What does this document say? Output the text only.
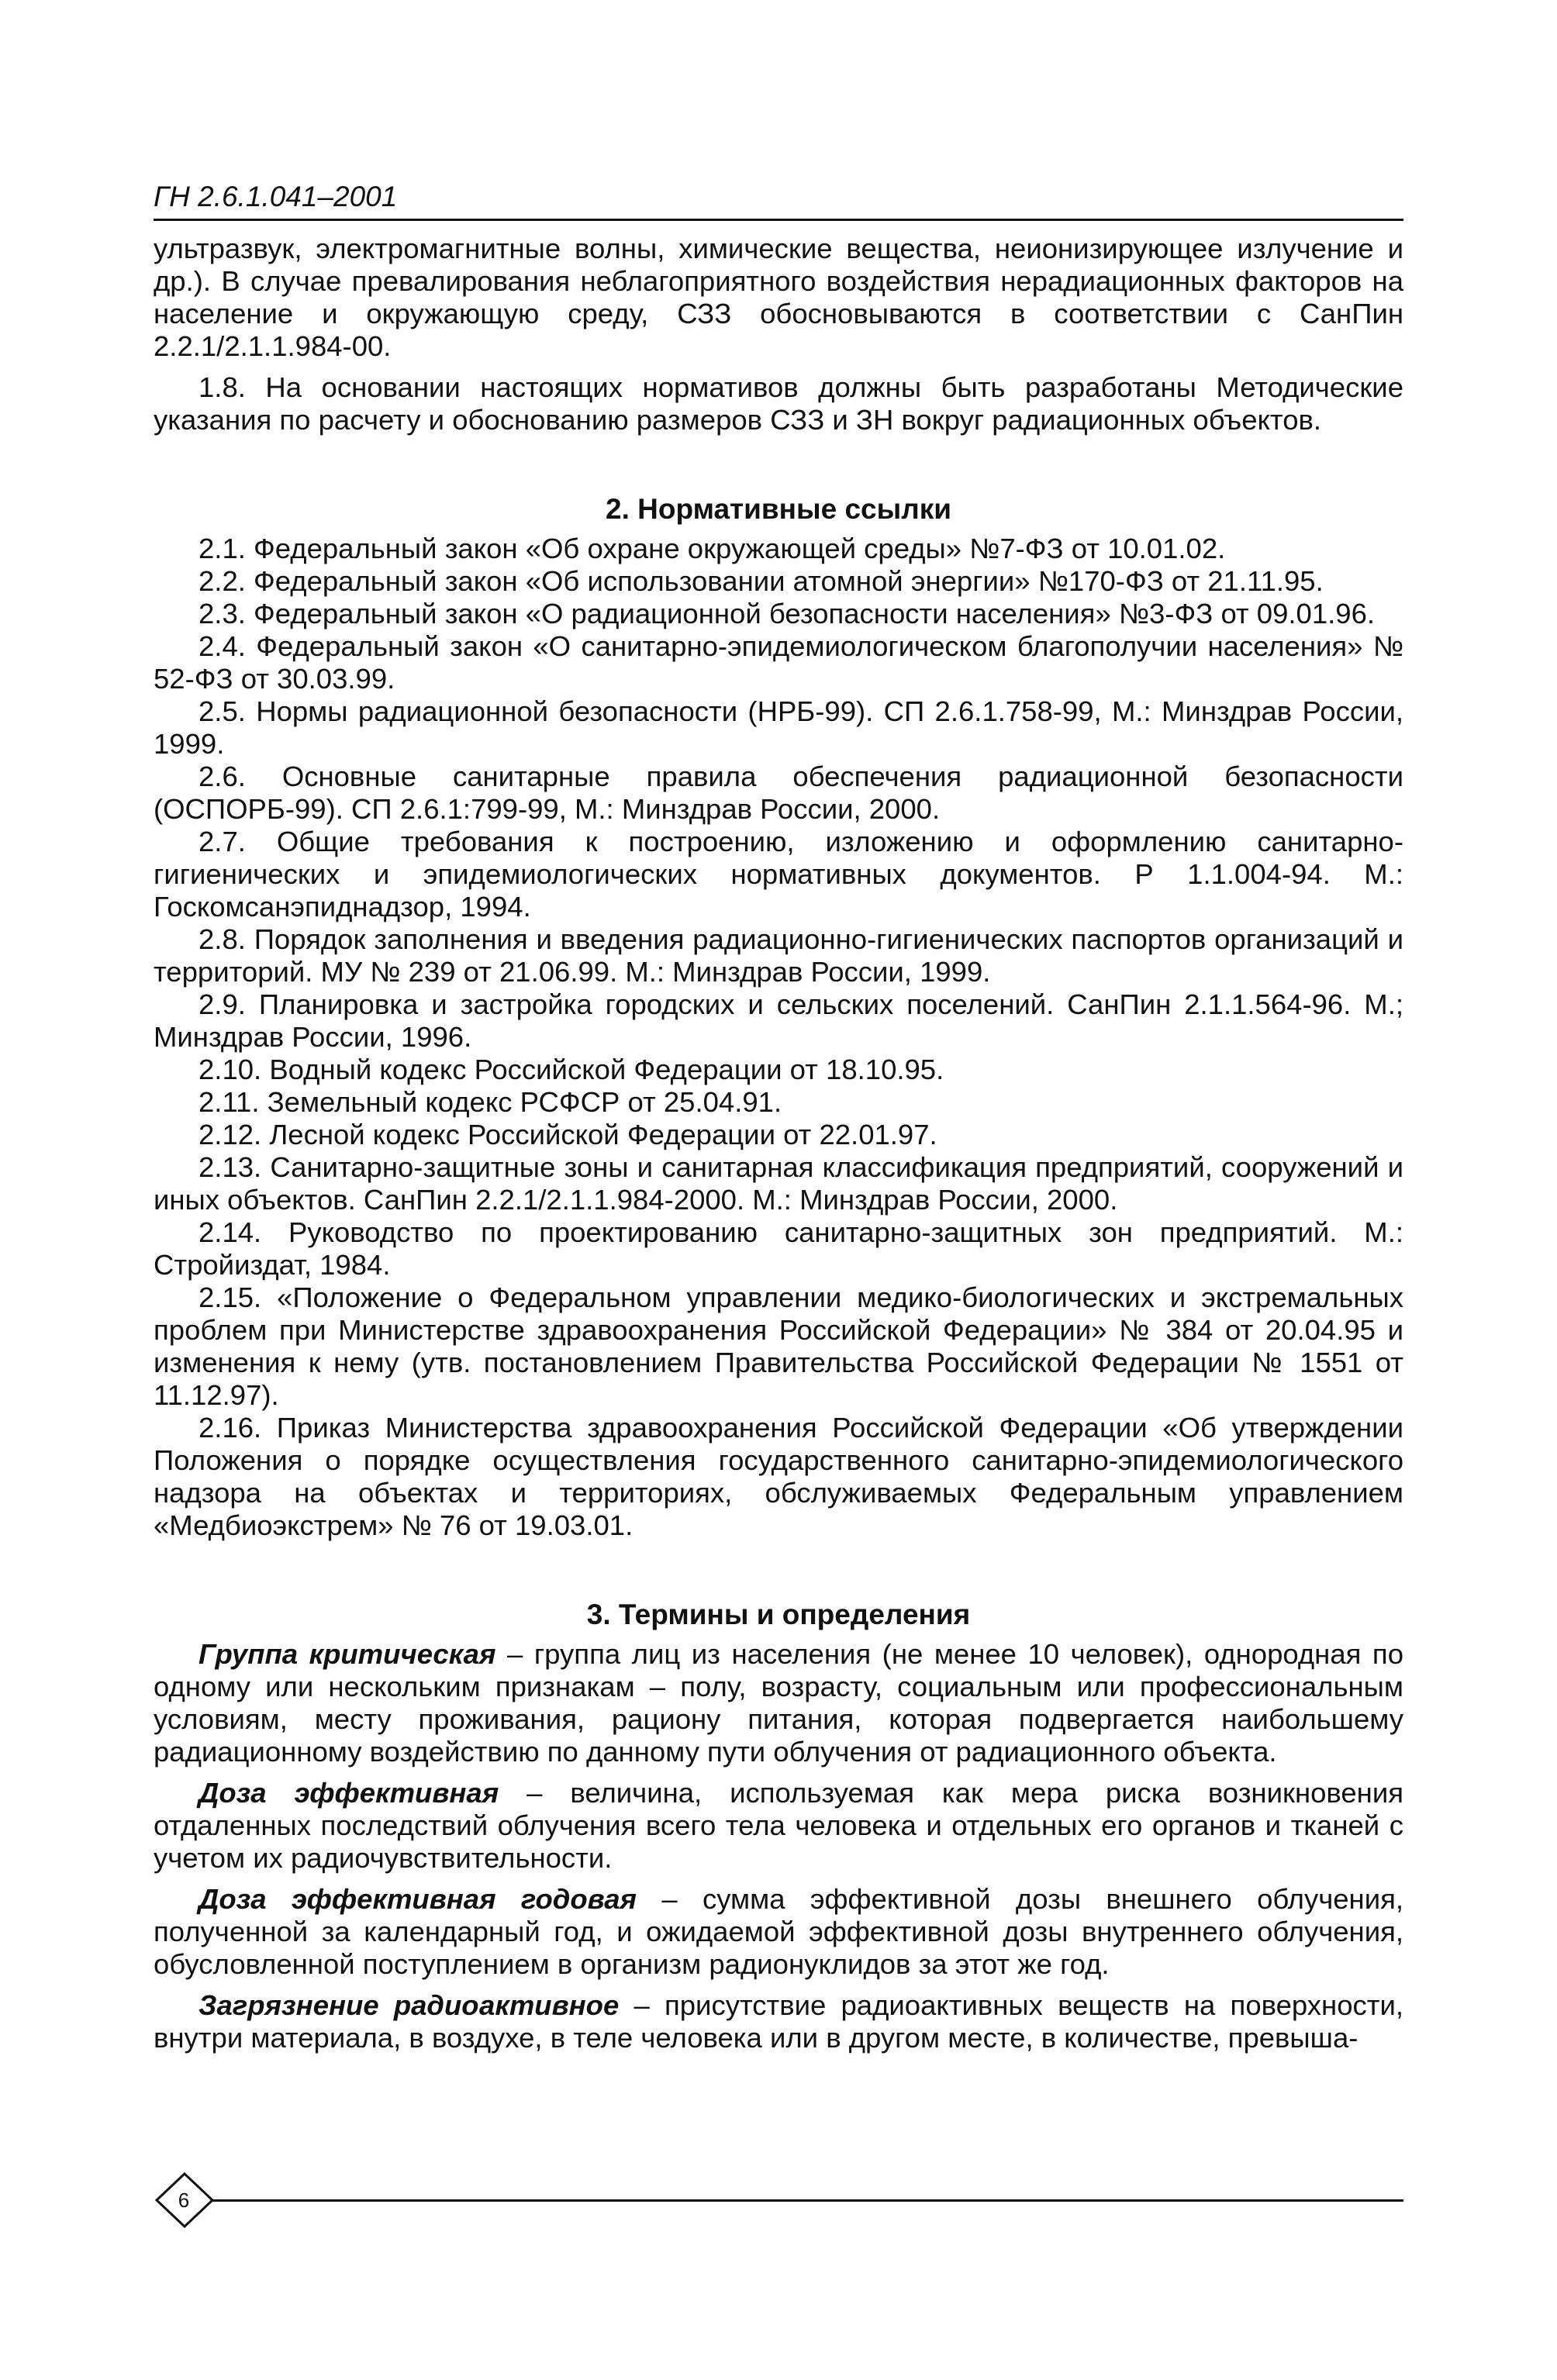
ГН 2.6.1.041–2001

ультразвук, электромагнитные волны, химические вещества, неионизирующее излучение и др.). В случае превалирования неблагоприятного воздействия нерадиационных факторов на население и окружающую среду, СЗЗ обосновываются в соответствии с СанПин 2.2.1/2.1.1.984-00.

1.8. На основании настоящих нормативов должны быть разработаны Методические указания по расчету и обоснованию размеров СЗЗ и ЗН вокруг радиационных объектов.

2. Нормативные ссылки

2.1. Федеральный закон «Об охране окружающей среды» №7-ФЗ от 10.01.02.

2.2. Федеральный закон «Об использовании атомной энергии» №170-ФЗ от 21.11.95.

2.3. Федеральный закон «О радиационной безопасности населения» №3-ФЗ от 09.01.96.

2.4. Федеральный закон «О санитарно-эпидемиологическом благополучии населения» № 52-ФЗ от 30.03.99.

2.5. Нормы радиационной безопасности (НРБ-99). СП 2.6.1.758-99, М.: Минздрав России, 1999.

2.6. Основные санитарные правила обеспечения радиационной безопасности (ОСПОРБ-99). СП 2.6.1:799-99, М.: Минздрав России, 2000.

2.7. Общие требования к построению, изложению и оформлению санитарно-гигиенических и эпидемиологических нормативных документов. Р 1.1.004-94. М.: Госкомсанэпиднадзор, 1994.

2.8. Порядок заполнения и введения радиационно-гигиенических паспортов организаций и территорий. МУ № 239 от 21.06.99. М.: Минздрав России, 1999.

2.9. Планировка и застройка городских и сельских поселений. СанПин 2.1.1.564-96. М.; Минздрав России, 1996.

2.10. Водный кодекс Российской Федерации от 18.10.95.

2.11. Земельный кодекс РСФСР от 25.04.91.

2.12. Лесной кодекс Российской Федерации от 22.01.97.

2.13. Санитарно-защитные зоны и санитарная классификация предприятий, сооружений и иных объектов. СанПин 2.2.1/2.1.1.984-2000. М.: Минздрав России, 2000.

2.14. Руководство по проектированию санитарно-защитных зон предприятий. М.: Стройиздат, 1984.

2.15. «Положение о Федеральном управлении медико-биологических и экстремальных проблем при Министерстве здравоохранения Российской Федерации» № 384 от 20.04.95 и изменения к нему (утв. постановлением Правительства Российской Федерации № 1551 от 11.12.97).

2.16. Приказ Министерства здравоохранения Российской Федерации «Об утверждении Положения о порядке осуществления государственного санитарно-эпидемиологического надзора на объектах и территориях, обслуживаемых Федеральным управлением «Медбиоэкстрем» № 76 от 19.03.01.

3. Термины и определения

Группа критическая – группа лиц из населения (не менее 10 человек), однородная по одному или нескольким признакам – полу, возрасту, социальным или профессиональным условиям, месту проживания, рациону питания, которая подвергается наибольшему радиационному воздействию по данному пути облучения от радиационного объекта.

Доза эффективная – величина, используемая как мера риска возникновения отдаленных последствий облучения всего тела человека и отдельных его органов и тканей с учетом их радиочувствительности.

Доза эффективная годовая – сумма эффективной дозы внешнего облучения, полученной за календарный год, и ожидаемой эффективной дозы внутреннего облучения, обусловленной поступлением в организм радионуклидов за этот же год.

Загрязнение радиоактивное – присутствие радиоактивных веществ на поверхности, внутри материала, в воздухе, в теле человека или в другом месте, в количестве, превыша-

6
